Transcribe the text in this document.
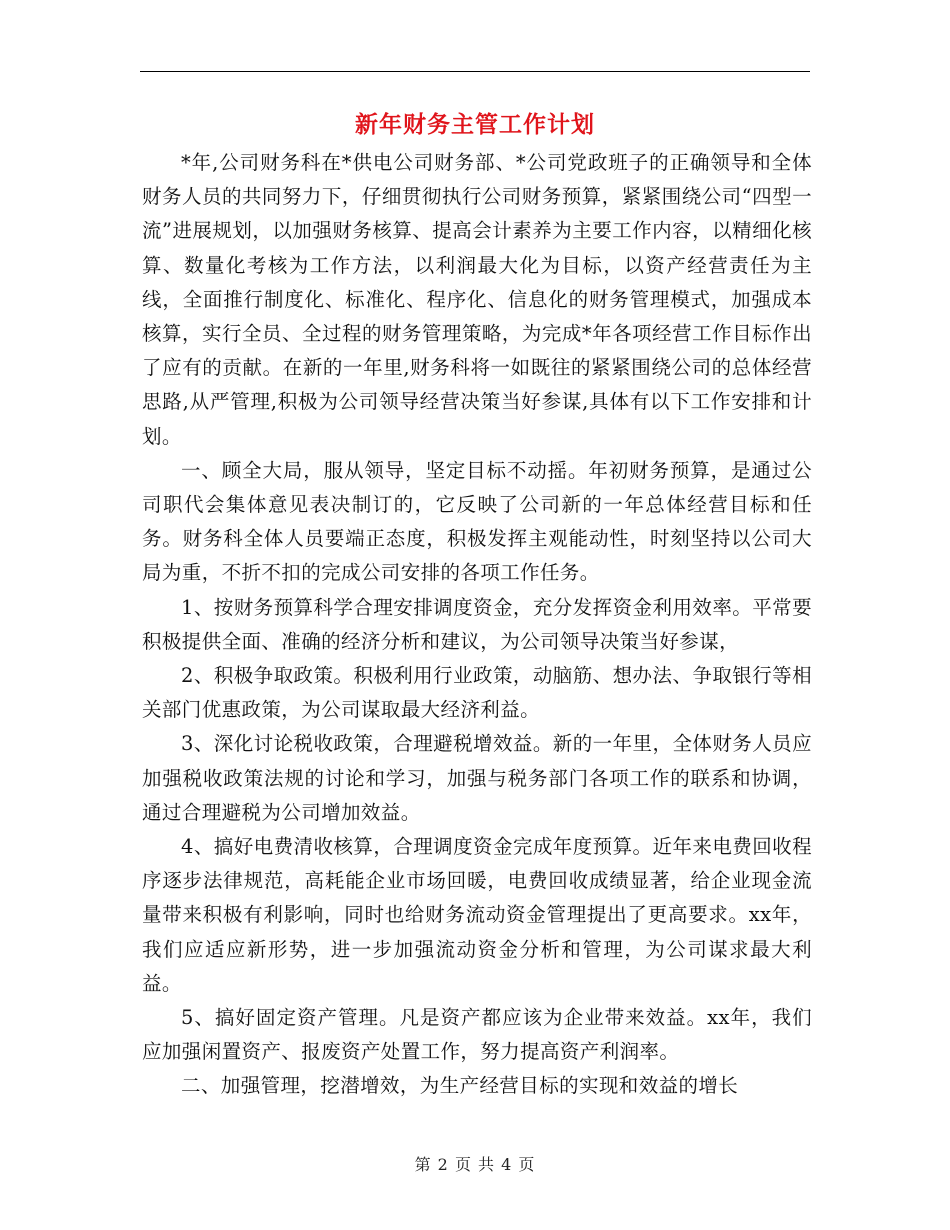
新年财务主管工作计划

*年,公司财务科在*供电公司财务部、*公司党政班子的正确领导和全体财务人员的共同努力下，仔细贯彻执行公司财务预算，紧紧围绕公司“四型一流”进展规划，以加强财务核算、提高会计素养为主要工作内容，以精细化核算、数量化考核为工作方法，以利润最大化为目标，以资产经营责任为主线，全面推行制度化、标准化、程序化、信息化的财务管理模式，加强成本核算，实行全员、全过程的财务管理策略，为完成*年各项经营工作目标作出了应有的贡献。在新的一年里,财务科将一如既往的紧紧围绕公司的总体经营思路,从严管理,积极为公司领导经营决策当好参谋,具体有以下工作安排和计划。

一、顾全大局，服从领导，坚定目标不动摇。年初财务预算，是通过公司职代会集体意见表决制订的，它反映了公司新的一年总体经营目标和任务。财务科全体人员要端正态度，积极发挥主观能动性，时刻坚持以公司大局为重，不折不扣的完成公司安排的各项工作任务。

1、按财务预算科学合理安排调度资金，充分发挥资金利用效率。平常要积极提供全面、准确的经济分析和建议，为公司领导决策当好参谋，

2、积极争取政策。积极利用行业政策，动脑筋、想办法、争取银行等相关部门优惠政策，为公司谋取最大经济利益。

3、深化讨论税收政策，合理避税增效益。新的一年里，全体财务人员应加强税收政策法规的讨论和学习，加强与税务部门各项工作的联系和协调，通过合理避税为公司增加效益。

4、搞好电费清收核算，合理调度资金完成年度预算。近年来电费回收程序逐步法律规范，高耗能企业市场回暖，电费回收成绩显著，给企业现金流量带来积极有利影响，同时也给财务流动资金管理提出了更高要求。xx年，我们应适应新形势，进一步加强流动资金分析和管理，为公司谋求最大利益。

5、搞好固定资产管理。凡是资产都应该为企业带来效益。xx年，我们应加强闲置资产、报废资产处置工作，努力提高资产利润率。

二、加强管理，挖潜增效，为生产经营目标的实现和效益的增长

第 2 页 共 4 页
